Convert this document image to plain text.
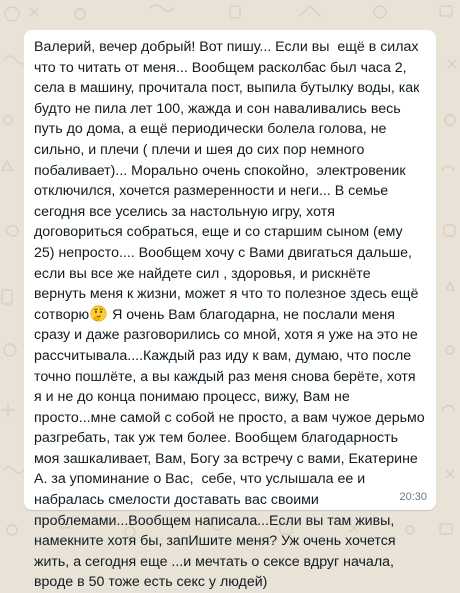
Валерий, вечер добрый! Вот пишу... Если вы  ещё в силах что то читать от меня... Вообщем расколбас был часа 2, села в машину, прочитала пост, выпила бутылку воды, как будто не пила лет 100, жажда и сон наваливались весь путь до дома, а ещё периодически болела голова, не сильно, и плечи ( плечи и шея до сих пор немного побаливает)... Морально очень спокойно,  электровеник отключился, хочется размеренности и неги... В семье сегодня все уселись за настольную игру, хотя договориться собраться, еще и со старшим сыном (ему 25) непросто.... Вообщем хочу с Вами двигаться дальше, если вы все же найдете сил , здоровья, и рискнёте вернуть меня к жизни, может я что то полезное здесь ещё сотворю Я очень Вам благодарна, не послали меня сразу и даже разговорились со мной, хотя я уже на это не рассчитывала....Каждый раз иду к вам, думаю, что после точно пошлёте, а вы каждый раз меня снова берёте, хотя я и не до конца понимаю процесс, вижу, Вам не просто...мне самой с собой не просто, а вам чужое дерьмо разгребать, так уж тем более. Вообщем благодарность моя зашкаливает, Вам, Богу за встречу с вами, Екатерине А. за упоминание о Вас,  себе, что услышала ее и набралась смелости доставать вас своими проблемами...Вообщем написала...Если вы там живы, намекните хотя бы, запИшите меня? Уж очень хочется жить, а сегодня еще ...и мечтать о сексе вдруг начала, вроде в 50 тоже есть секс у людей)

20:30
